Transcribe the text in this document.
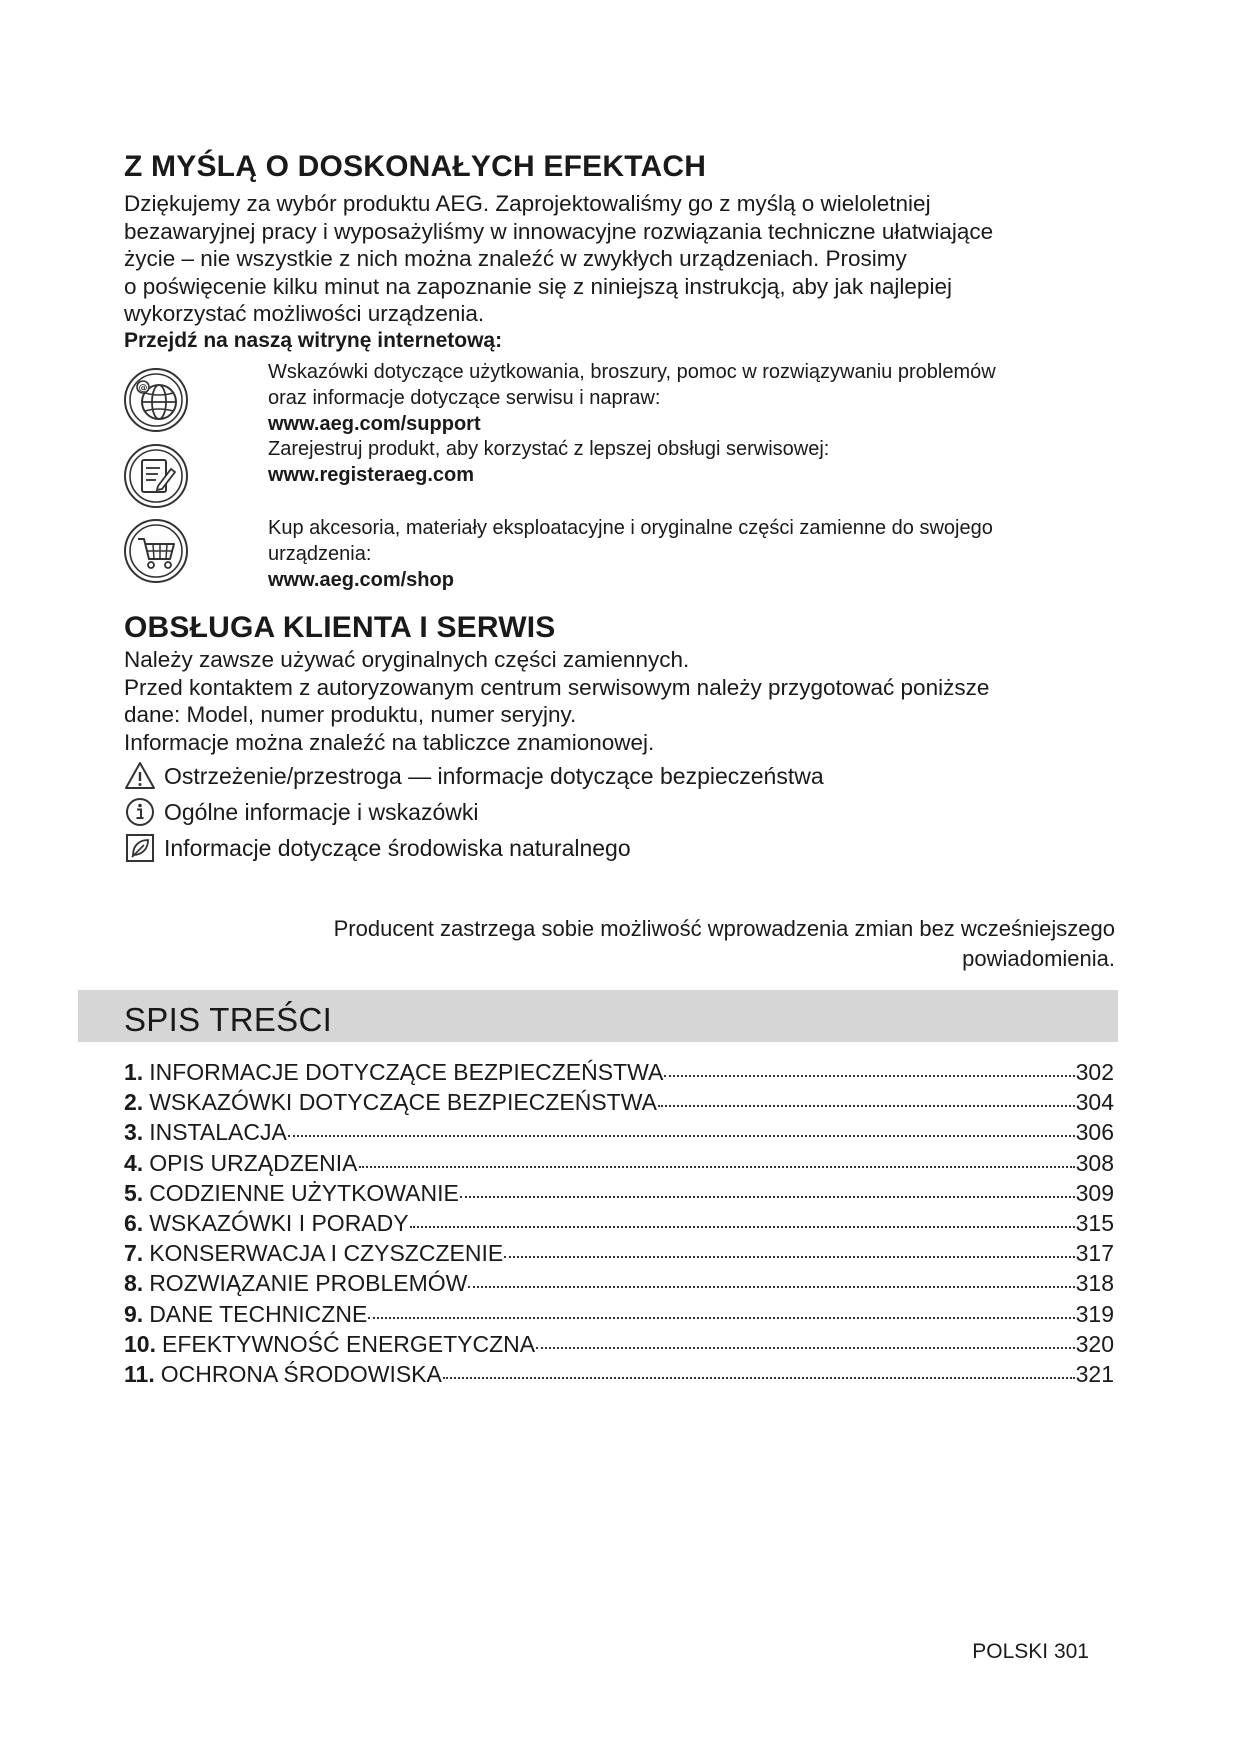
Z MYŚLĄ O DOSKONAŁYCH EFEKTACH

Dziękujemy za wybór produktu AEG. Zaprojektowaliśmy go z myślą o wieloletniej
bezawaryjnej pracy i wyposażyliśmy w innowacyjne rozwiązania techniczne ułatwiające
życie – nie wszystkie z nich można znaleźć w zwykłych urządzeniach. Prosimy
o poświęcenie kilku minut na zapoznanie się z niniejszą instrukcją, aby jak najlepiej
wykorzystać możliwości urządzenia.

Przejdź na naszą witrynę internetową:

@
Wskazówki dotyczące użytkowania, broszury, pomoc w rozwiązywaniu problemów
oraz informacje dotyczące serwisu i napraw:
www.aeg.com/support
Zarejestruj produkt, aby korzystać z lepszej obsługi serwisowej:
www.registeraeg.com
Kup akcesoria, materiały eksploatacyjne i oryginalne części zamienne do swojego
urządzenia:
www.aeg.com/shop
OBSŁUGA KLIENTA I SERWIS

Należy zawsze używać oryginalnych części zamiennych.
Przed kontaktem z autoryzowanym centrum serwisowym należy przygotować poniższe
dane: Model, numer produktu, numer seryjny.
Informacje można znaleźć na tabliczce znamionowej.

Ostrzeżenie/przestroga — informacje dotyczące bezpieczeństwa
Ogólne informacje i wskazówki
Informacje dotyczące środowiska naturalnego
Producent zastrzega sobie możliwość wprowadzenia zmian bez wcześniejszego
powiadomienia.
SPIS TREŚCI
1. INFORMACJE DOTYCZĄCE BEZPIECZEŃSTWA	302
2. WSKAZÓWKI DOTYCZĄCE BEZPIECZEŃSTWA	304
3. INSTALACJA	306
4. OPIS URZĄDZENIA	308
5. CODZIENNE UŻYTKOWANIE	309
6. WSKAZÓWKI I PORADY	315
7. KONSERWACJA I CZYSZCZENIE	317
8. ROZWIĄZANIE PROBLEMÓW	318
9. DANE TECHNICZNE	319
10. EFEKTYWNOŚĆ ENERGETYCZNA	320
11. OCHRONA ŚRODOWISKA	321
POLSKI 301
